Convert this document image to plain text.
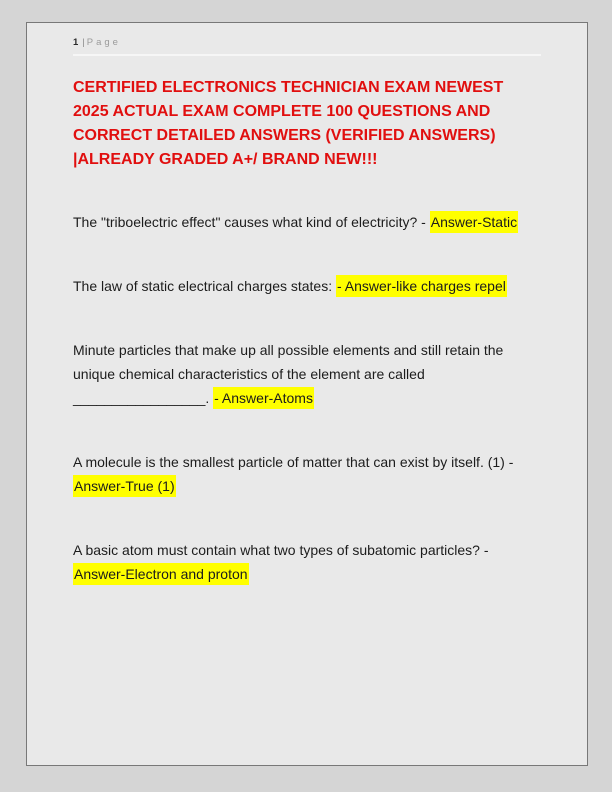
1 | Page
CERTIFIED ELECTRONICS TECHNICIAN EXAM NEWEST 2025 ACTUAL EXAM COMPLETE 100 QUESTIONS AND CORRECT DETAILED ANSWERS (VERIFIED ANSWERS) |ALREADY GRADED A+/ BRAND NEW!!!

The "triboelectric effect" causes what kind of electricity? - Answer-Static

The law of static electrical charges states: - Answer-like charges repel

Minute particles that make up all possible elements and still retain the unique chemical characteristics of the element are called _________________. - Answer-Atoms

A molecule is the smallest particle of matter that can exist by itself. (1) - Answer-True (1)

A basic atom must contain what two types of subatomic particles? - Answer-Electron and proton
